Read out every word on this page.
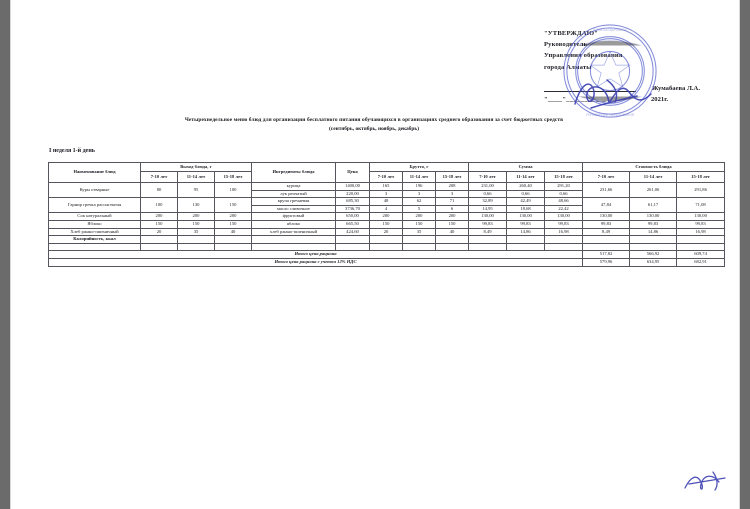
"УТВЕРЖДАЮ"
Руководитель
Управления образования
города Алматы
Жумабаева Л.А.
"____"___________	2021г.
БІЛІМ БАСҚАРМАСЫ
УПРАВЛЕНИЕ ОБРАЗОВАНИЯ
Четырехнедельное меню блюд для организации бесплатного питания обучающихся в организациях среднего образования за счет бюджетных средств
(сентябрь, октябрь, ноябрь, декабрь)
I неделя 1-й день
Наименование блюд	Выход блюда, г			Ингредиенты блюда	Цена	Брутто, г			Сумма			Стоимость блюда		
	7-10 лет	11-14 лет	15-18 лет			7-10 лет	11-14 лет	15-18 лет	7-10 лет	11-14 лет	15-18 лет	7-10 лет	11-14 лет	15-18 лет
Куры отварные	80	95	100	курица	1400,00	165	196	208	231,00	260,40	291,20	231,66	261,06	291,86
				лук репчатый	220,00	3	3	3	0,66	0,66	0,66			
Гарнир гречка рассыпчатая	100	130	150	крупа гречневая	685,30	48	62	71	32,89	42,49	48,66	47,84	61,17	71,08
				масло сливочное	3736,70	4	5	6	14,95	18,68	22,42			
Сок натуральный	200	200	200	фруктовый	650,00	200	200	200	130,00	130,00	130,00	130,00	130,00	130,00
Яблоко	150	150	150	яблоко	665,50	150	150	150	99,83	99,83	99,83	99,83	99,83	99,83
Хлеб ржано-пшеничный	20	35	40	хлеб ржано-пшеничный	424,60	20	35	40	8,49	14,86	16,98	8,49	14,86	16,98
Калорийность, ккал														

Итого цена рациона												517,82	566,92	609,74
Итого цена рациона с учетом 12% НДС												579,96	634,95	682,91
